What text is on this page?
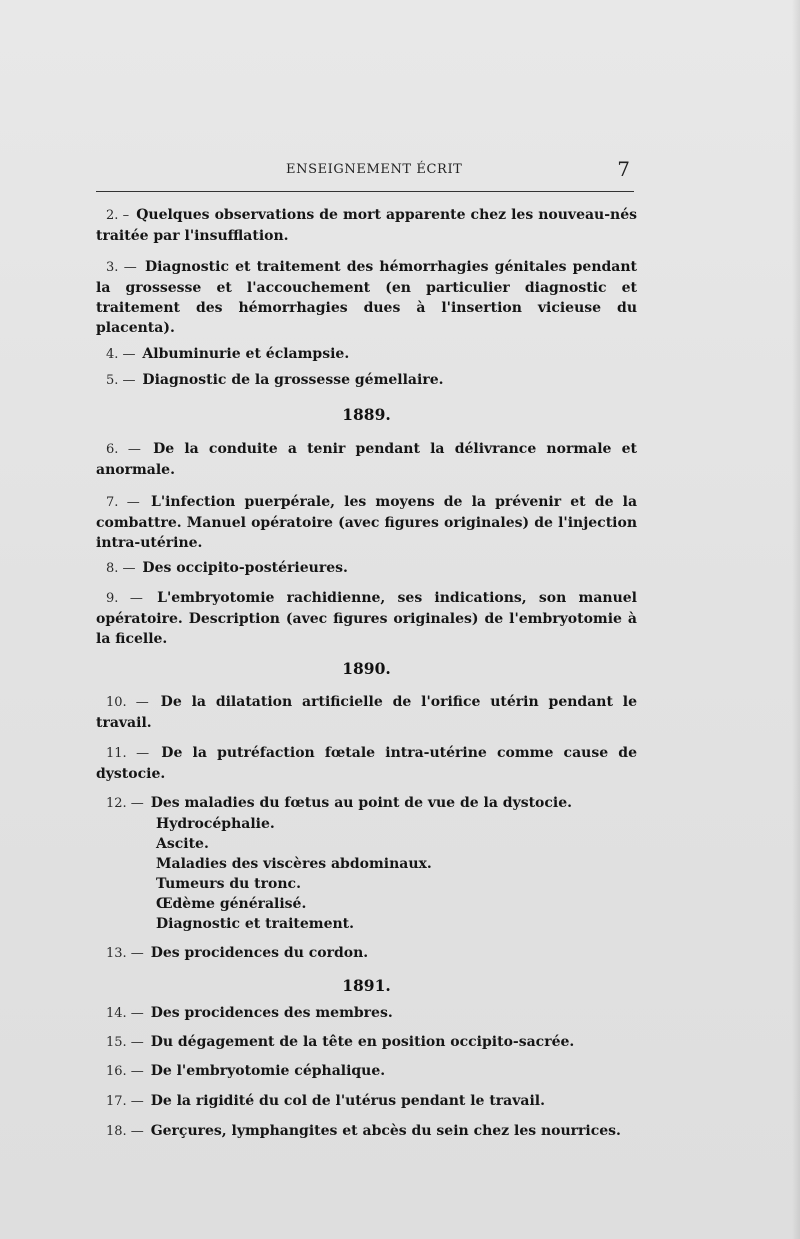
ENSEIGNEMENT ÉCRIT	7

2. – Quelques observations de mort apparente chez les nouveau-nés traitée par l'insufflation.

3. — Diagnostic et traitement des hémorrhagies génitales pendant la grossesse et l'accouchement (en particulier diagnostic et traitement des hémorrhagies dues à l'insertion vicieuse du placenta).

4. — Albuminurie et éclampsie.

5. — Diagnostic de la grossesse gémellaire.

1889.

6. — De la conduite a tenir pendant la délivrance normale et anormale.

7. — L'infection puerpérale, les moyens de la prévenir et de la combattre. Manuel opératoire (avec figures originales) de l'injection intra-utérine.

8. — Des occipito-postérieures.

9. — L'embryotomie rachidienne, ses indications, son manuel opératoire. Description (avec figures originales) de l'embryotomie à la ficelle.

1890.

10. — De la dilatation artificielle de l'orifice utérin pendant le travail.

11. — De la putréfaction fœtale intra-utérine comme cause de dystocie.

12. — Des maladies du fœtus au point de vue de la dystocie.
Hydrocéphalie.
Ascite.
Maladies des viscères abdominaux.
Tumeurs du tronc.
Œdème généralisé.
Diagnostic et traitement.

13. — Des procidences du cordon.

1891.

14. — Des procidences des membres.

15. — Du dégagement de la tête en position occipito-sacrée.

16. — De l'embryotomie céphalique.

17. — De la rigidité du col de l'utérus pendant le travail.

18. — Gerçures, lymphangites et abcès du sein chez les nourrices.
